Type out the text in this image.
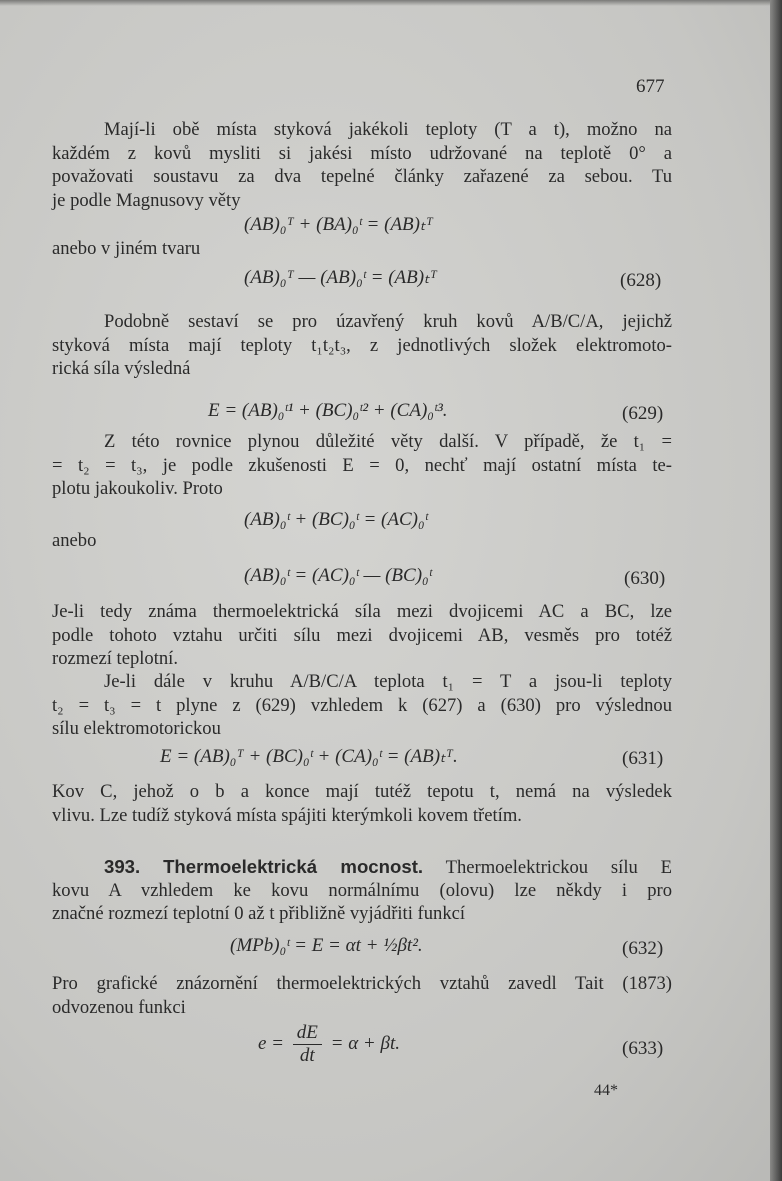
677
Mají-li obě místa styková jakékoli teploty (T a t), možno na
každém z kovů mysliti si jakési místo udržované na teplotě 0° a
považovati soustavu za dva tepelné články zařazené za sebou. Tu
je podle Magnusovy věty
(AB)₀ᵀ + (BA)₀ᵗ = (AB)ₜᵀ
anebo v jiném tvaru
(AB)₀ᵀ — (AB)₀ᵗ = (AB)ₜᵀ	(628)
Podobně sestaví se pro úzavřený kruh kovů A/B/C/A, jejichž
styková místa mají teploty t₁t₂t₃, z jednotlivých složek elektromoto-
rická síla výsledná
E = (AB)₀ᵗ¹ + (BC)₀ᵗ² + (CA)₀ᵗ³.	(629)
Z této rovnice plynou důležité věty další. V případě, že t₁ =
= t₂ = t₃, je podle zkušenosti E = 0, nechť mají ostatní místa te-
plotu jakoukoliv. Proto
(AB)₀ᵗ + (BC)₀ᵗ = (AC)₀ᵗ
anebo
(AB)₀ᵗ = (AC)₀ᵗ — (BC)₀ᵗ	(630)
Je-li tedy známa thermoelektrická síla mezi dvojicemi AC a BC, lze
podle tohoto vztahu určiti sílu mezi dvojicemi AB, vesměs pro totéž
rozmezí teplotní.
Je-li dále v kruhu A/B/C/A teplota t₁ = T a jsou-li teploty
t₂ = t₃ = t plyne z (629) vzhledem k (627) a (630) pro výslednou
sílu elektromotorickou
E = (AB)₀ᵀ + (BC)₀ᵗ + (CA)₀ᵗ = (AB)ₜᵀ.	(631)
Kov C, jehož o b a konce mají tutéž tepotu t, nemá na výsledek
vlivu. Lze tudíž styková místa spájiti kterýmkoli kovem třetím.
393. Thermoelektrická mocnost. Thermoelektrickou sílu E
kovu A vzhledem ke kovu normálnímu (olovu) lze někdy i pro
značné rozmezí teplotní 0 až t přibližně vyjádřiti funkcí
(MPb)₀ᵗ = E = αt + ½βt².	(632)
Pro grafické znázornění thermoelektrických vztahů zavedl Tait (1873)
odvozenou funkci
$e = \frac{dE}{dt} = \alpha + \beta t$.	(633)
44*
